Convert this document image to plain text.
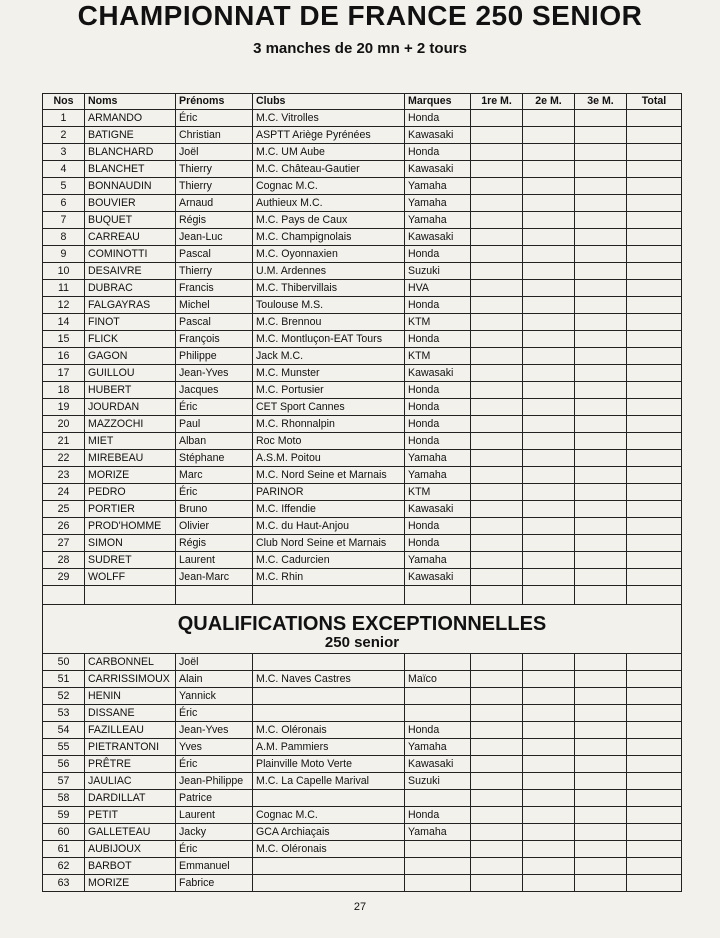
CHAMPIONNAT DE FRANCE 250 SENIOR
3 manches de 20 mn + 2 tours
Nos	Noms	Prénoms	Clubs	Marques	1re M.	2e M.	3e M.	Total
1	ARMANDO	Éric	M.C. Vitrolles	Honda				
2	BATIGNE	Christian	ASPTT Ariège Pyrénées	Kawasaki				
3	BLANCHARD	Joël	M.C. UM Aube	Honda				
4	BLANCHET	Thierry	M.C. Château-Gautier	Kawasaki				
5	BONNAUDIN	Thierry	Cognac M.C.	Yamaha				
6	BOUVIER	Arnaud	Authieux M.C.	Yamaha				
7	BUQUET	Régis	M.C. Pays de Caux	Yamaha				
8	CARREAU	Jean-Luc	M.C. Champignolais	Kawasaki				
9	COMINOTTI	Pascal	M.C. Oyonnaxien	Honda				
10	DESAIVRE	Thierry	U.M. Ardennes	Suzuki				
11	DUBRAC	Francis	M.C. Thibervillais	HVA				
12	FALGAYRAS	Michel	Toulouse M.S.	Honda				
14	FINOT	Pascal	M.C. Brennou	KTM				
15	FLICK	François	M.C. Montluçon-EAT Tours	Honda				
16	GAGON	Philippe	Jack M.C.	KTM				
17	GUILLOU	Jean-Yves	M.C. Munster	Kawasaki				
18	HUBERT	Jacques	M.C. Portusier	Honda				
19	JOURDAN	Éric	CET Sport Cannes	Honda				
20	MAZZOCHI	Paul	M.C. Rhonnalpin	Honda				
21	MIET	Alban	Roc Moto	Honda				
22	MIREBEAU	Stéphane	A.S.M. Poitou	Yamaha				
23	MORIZE	Marc	M.C. Nord Seine et Marnais	Yamaha				
24	PEDRO	Éric	PARINOR	KTM				
25	PORTIER	Bruno	M.C. Iffendie	Kawasaki				
26	PROD'HOMME	Olivier	M.C. du Haut-Anjou	Honda				
27	SIMON	Régis	Club Nord Seine et Marnais	Honda				
28	SUDRET	Laurent	M.C. Cadurcien	Yamaha				
29	WOLFF	Jean-Marc	M.C. Rhin	Kawasaki				

QUALIFICATIONS EXCEPTIONNELLES
250 senior								

50	CARBONNEL	Joël						
51	CARRISSIMOUX	Alain	M.C. Naves Castres	Maïco				
52	HENIN	Yannick						
53	DISSANE	Éric						
54	FAZILLEAU	Jean-Yves	M.C. Oléronais	Honda				
55	PIETRANTONI	Yves	A.M. Pammiers	Yamaha				
56	PRÊTRE	Éric	Plainville Moto Verte	Kawasaki				
57	JAULIAC	Jean-Philippe	M.C. La Capelle Marival	Suzuki				
58	DARDILLAT	Patrice						
59	PETIT	Laurent	Cognac M.C.	Honda				
60	GALLETEAU	Jacky	GCA Archiaçais	Yamaha				
61	AUBIJOUX	Éric	M.C. Oléronais					
62	BARBOT	Emmanuel						
63	MORIZE	Fabrice						
27
